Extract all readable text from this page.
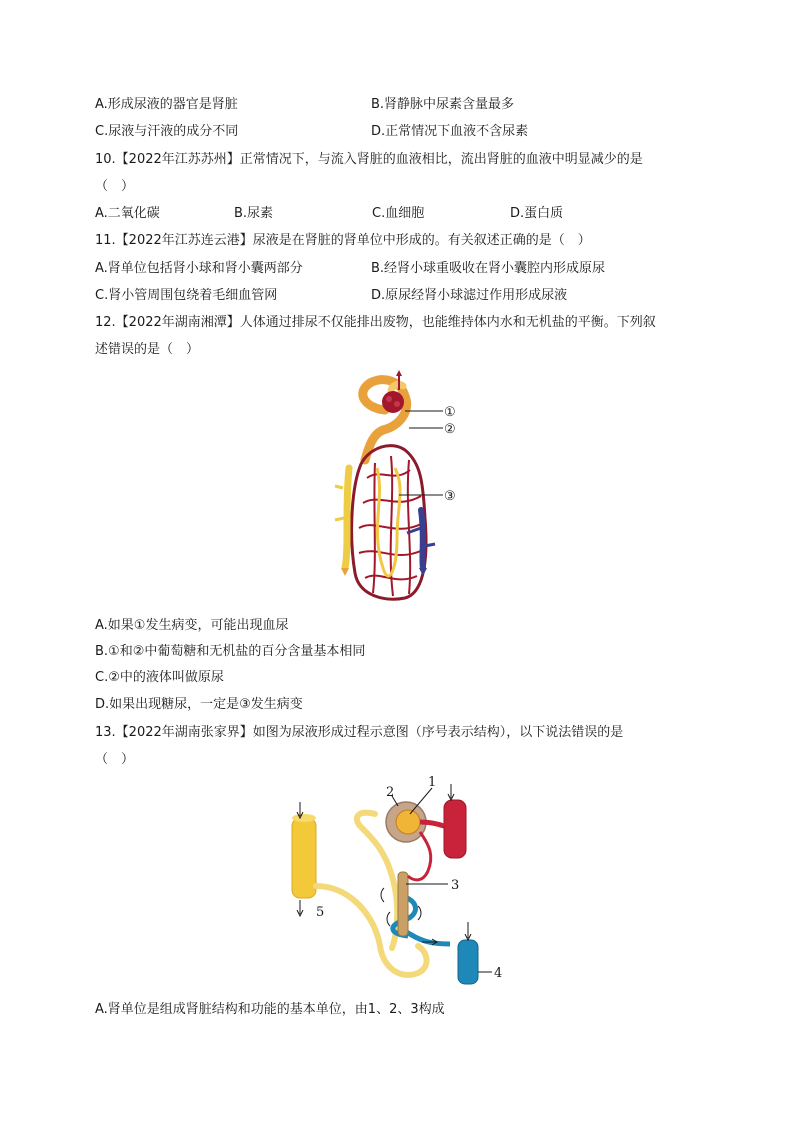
A.形成尿液的器官是肾脏	B.肾静脉中尿素含量最多
C.尿液与汗液的成分不同	D.正常情况下血液不含尿素
10.【2022年江苏苏州】正常情况下，与流入肾脏的血液相比，流出肾脏的血液中明显减少的是
（　）
A.二氧化碳	B.尿素	C.血细胞	D.蛋白质
11.【2022年江苏连云港】尿液是在肾脏的肾单位中形成的。有关叙述正确的是（　）
A.肾单位包括肾小球和肾小囊两部分	B.经肾小球重吸收在肾小囊腔内形成原尿
C.肾小管周围包绕着毛细血管网	D.原尿经肾小球滤过作用形成尿液
12.【2022年湖南湘潭】人体通过排尿不仅能排出废物，也能维持体内水和无机盐的平衡。下列叙
述错误的是（　）
①
②
③
A.如果①发生病变，可能出现血尿
B.①和②中葡萄糖和无机盐的百分含量基本相同
C.②中的液体叫做原尿
D.如果出现糖尿，一定是③发生病变
13.【2022年湖南张家界】如图为尿液形成过程示意图（序号表示结构），以下说法错误的是
（　）
1
2
3
4
5
A.肾单位是组成肾脏结构和功能的基本单位，由1、2、3构成
